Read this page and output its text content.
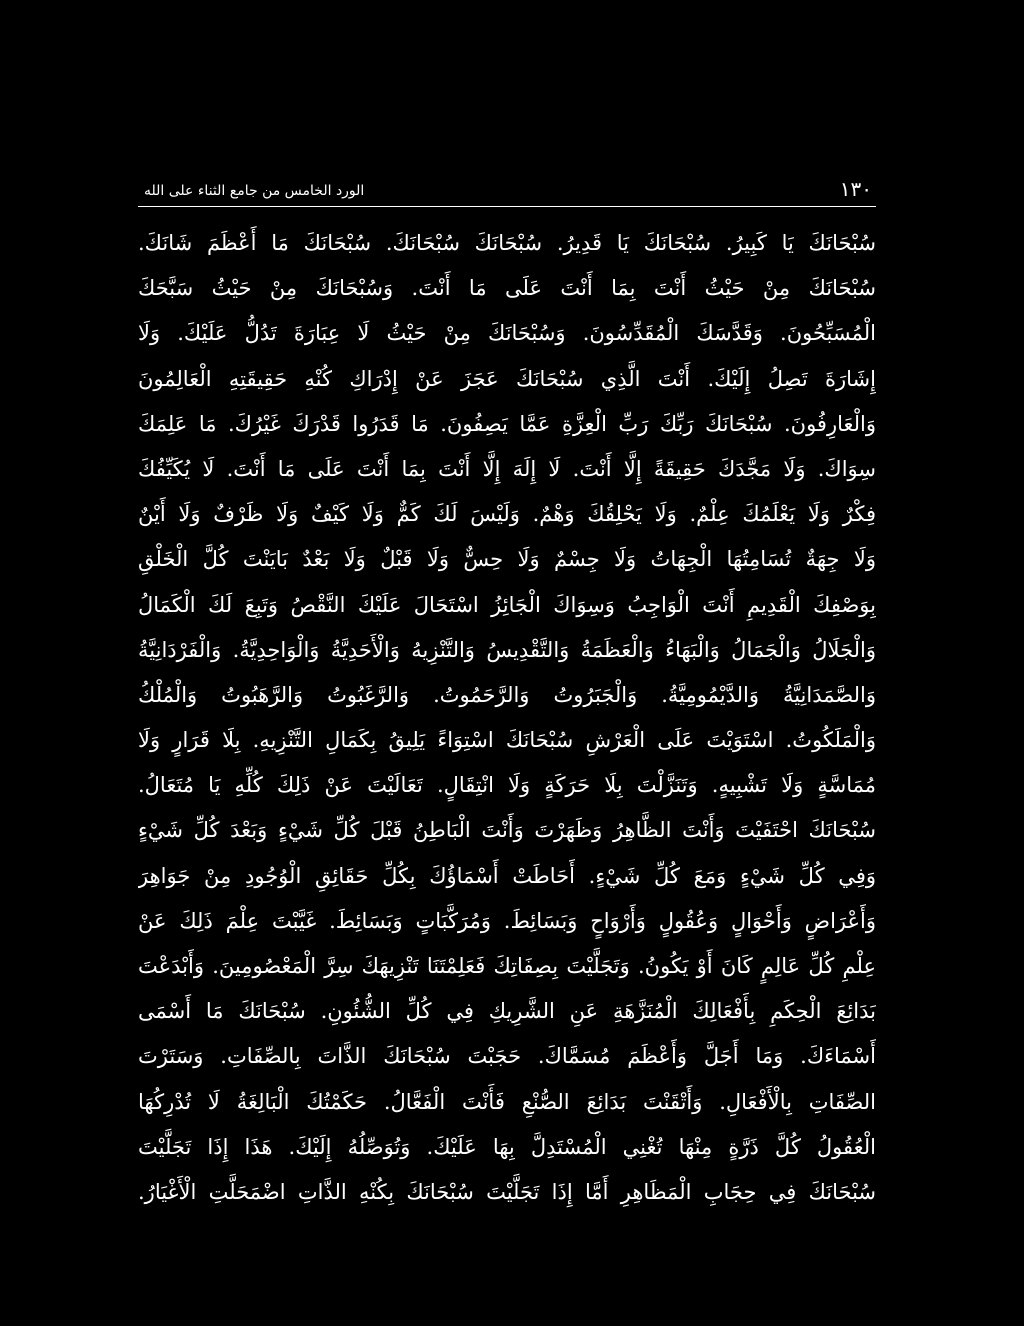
١٣٠
الورد الخامس من جامع الثناء على الله
سُبْحَانَكَ يَا كَبِيرُ. سُبْحَانَكَ يَا قَدِيرُ. سُبْحَانَكَ سُبْحَانَكَ. سُبْحَانَكَ مَا أَعْظَمَ شَانَكَ.
سُبْحَانَكَ مِنْ حَيْثُ أَنْتَ بِمَا أَنْتَ عَلَى مَا أَنْتَ. وَسُبْحَانَكَ مِنْ حَيْثُ سَبَّحَكَ
الْمُسَبِّحُونَ. وَقَدَّسَكَ الْمُقَدِّسُونَ. وَسُبْحَانَكَ مِنْ حَيْثُ لَا عِبَارَةَ تَدُلُّ عَلَيْكَ. وَلَا
إِشَارَةَ تَصِلُ إِلَيْكَ. أَنْتَ الَّذِي سُبْحَانَكَ عَجَزَ عَنْ إِدْرَاكِ كُنْهِ حَقِيقَتِهِ الْعَالِمُونَ
وَالْعَارِفُونَ. سُبْحَانَكَ رَبِّكَ رَبِّ الْعِزَّةِ عَمَّا يَصِفُونَ. مَا قَدَرُوا قَدْرَكَ غَيْرُكَ. مَا عَلِمَكَ
سِوَاكَ. وَلَا مَجَّدَكَ حَقِيقَةً إِلَّا أَنْتَ. لَا إِلَهَ إِلَّا أَنْتَ بِمَا أَنْتَ عَلَى مَا أَنْتَ. لَا يُكَيِّفُكَ
فِكْرٌ وَلَا يَعْلَمُكَ عِلْمٌ. وَلَا يَحْلِقُكَ وَهْمٌ. وَلَيْسَ لَكَ كَمٌّ وَلَا كَيْفٌ وَلَا ظَرْفٌ وَلَا أَيْنٌ
وَلَا جِهَةٌ تُسَامِتُهَا الْجِهَاتُ وَلَا جِسْمٌ وَلَا حِسٌّ وَلَا قَبْلٌ وَلَا بَعْدٌ بَايَنْتَ كُلَّ الْخَلْقِ
بِوَصْفِكَ الْقَدِيمِ أَنْتَ الْوَاجِبُ وَسِوَاكَ الْجَائِزُ اسْتَحَالَ عَلَيْكَ النَّقْصُ وَتَبِعَ لَكَ الْكَمَالُ
وَالْجَلَالُ وَالْجَمَالُ وَالْبَهَاءُ وَالْعَظَمَةُ وَالتَّقْدِيسُ وَالتَّنْزِيهُ وَالْأَحَدِيَّةُ وَالْوَاحِدِيَّةُ. وَالْفَرْدَانِيَّةُ
وَالصَّمَدَانِيَّةُ وَالدَّيْمُومِيَّةُ. وَالْجَبَرُوتُ وَالرَّحَمُوتُ. وَالرَّغَبُوتُ وَالرَّهَبُوتُ وَالْمُلْكُ
وَالْمَلَكُوتُ. اسْتَوَيْتَ عَلَى الْعَرْشِ سُبْحَانَكَ اسْتِوَاءً يَلِيقُ بِكَمَالِ التَّنْزِيهِ. بِلَا قَرَارٍ وَلَا
مُمَاسَّةٍ وَلَا تَشْبِيهٍ. وَتَنَزَّلْتَ بِلَا حَرَكَةٍ وَلَا انْتِقَالٍ. تَعَالَيْتَ عَنْ ذَلِكَ كُلِّهِ يَا مُتَعَالُ.
سُبْحَانَكَ احْتَفَيْتَ وَأَنْتَ الظَّاهِرُ وَظَهَرْتَ وَأَنْتَ الْبَاطِنُ قَبْلَ كُلِّ شَيْءٍ وَبَعْدَ كُلِّ شَيْءٍ
وَفِي كُلِّ شَيْءٍ وَمَعَ كُلِّ شَيْءٍ. أَحَاطَتْ أَسْمَاؤُكَ بِكُلِّ حَقَائِقِ الْوُجُودِ مِنْ جَوَاهِرَ
وَأَعْرَاضٍ وَأَحْوَالٍ وَعُقُولٍ وَأَرْوَاحٍ وَبَسَائِطَ. وَمُرَكَّبَاتٍ وَبَسَائِطَ. غَيَّبْتَ عِلْمَ ذَلِكَ عَنْ
عِلْمِ كُلِّ عَالِمٍ كَانَ أَوْ يَكُونُ. وَتَجَلَّيْتَ بِصِفَاتِكَ فَعَلِمْتَنَا تَنْزِيهَكَ سِرَّ الْمَعْصُومِينَ. وَأَبْدَعْتَ
بَدَائِعَ الْحِكَمِ بِأَفْعَالِكَ الْمُنَزَّهَةِ عَنِ الشَّرِيكِ فِي كُلِّ الشُّئُونِ. سُبْحَانَكَ مَا أَسْمَى
أَسْمَاءَكَ. وَمَا أَجَلَّ وَأَعْظَمَ مُسَمَّاكَ. حَجَبْتَ سُبْحَانَكَ الذَّاتَ بِالصِّفَاتِ. وَسَتَرْتَ
الصِّفَاتِ بِالْأَفْعَالِ. وَأَتْقَنْتَ بَدَائِعَ الصُّنْعِ فَأَنْتَ الْفَعَّالُ. حَكَمْتُكَ الْبَالِغَةُ لَا تُدْرِكُهَا
الْعُقُولُ كُلَّ ذَرَّةٍ مِنْهَا تُغْنِي الْمُسْتَدِلَّ بِهَا عَلَيْكَ. وَتُوَصِّلُهُ إِلَيْكَ. هَذَا إِذَا تَجَلَّيْتَ
سُبْحَانَكَ فِي حِجَابِ الْمَظَاهِرِ أَمَّا إِذَا تَجَلَّيْتَ سُبْحَانَكَ بِكُنْهِ الذَّاتِ اضْمَحَلَّتِ الْأَغْيَارُ.
